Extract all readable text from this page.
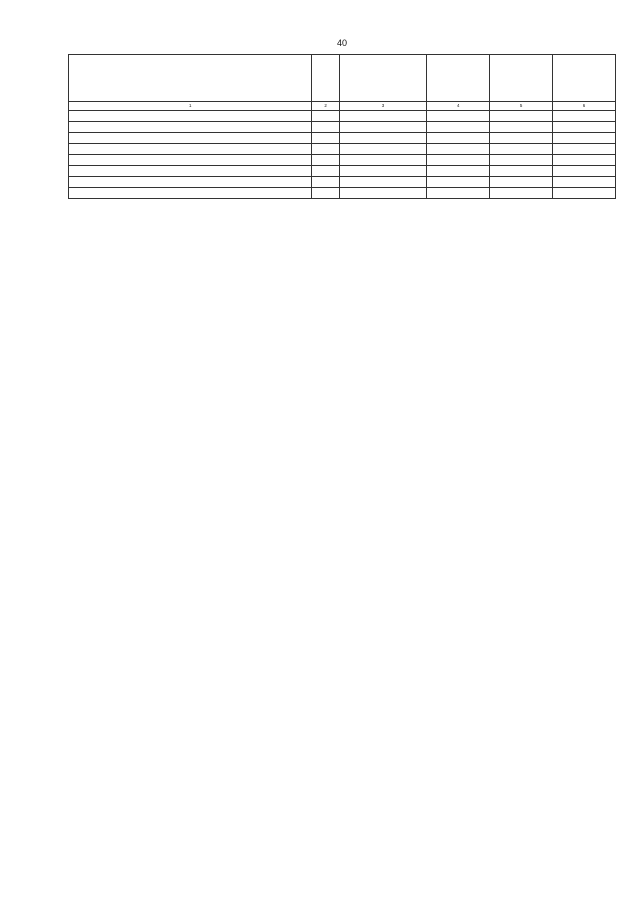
40

1	2	3	4	5	6
